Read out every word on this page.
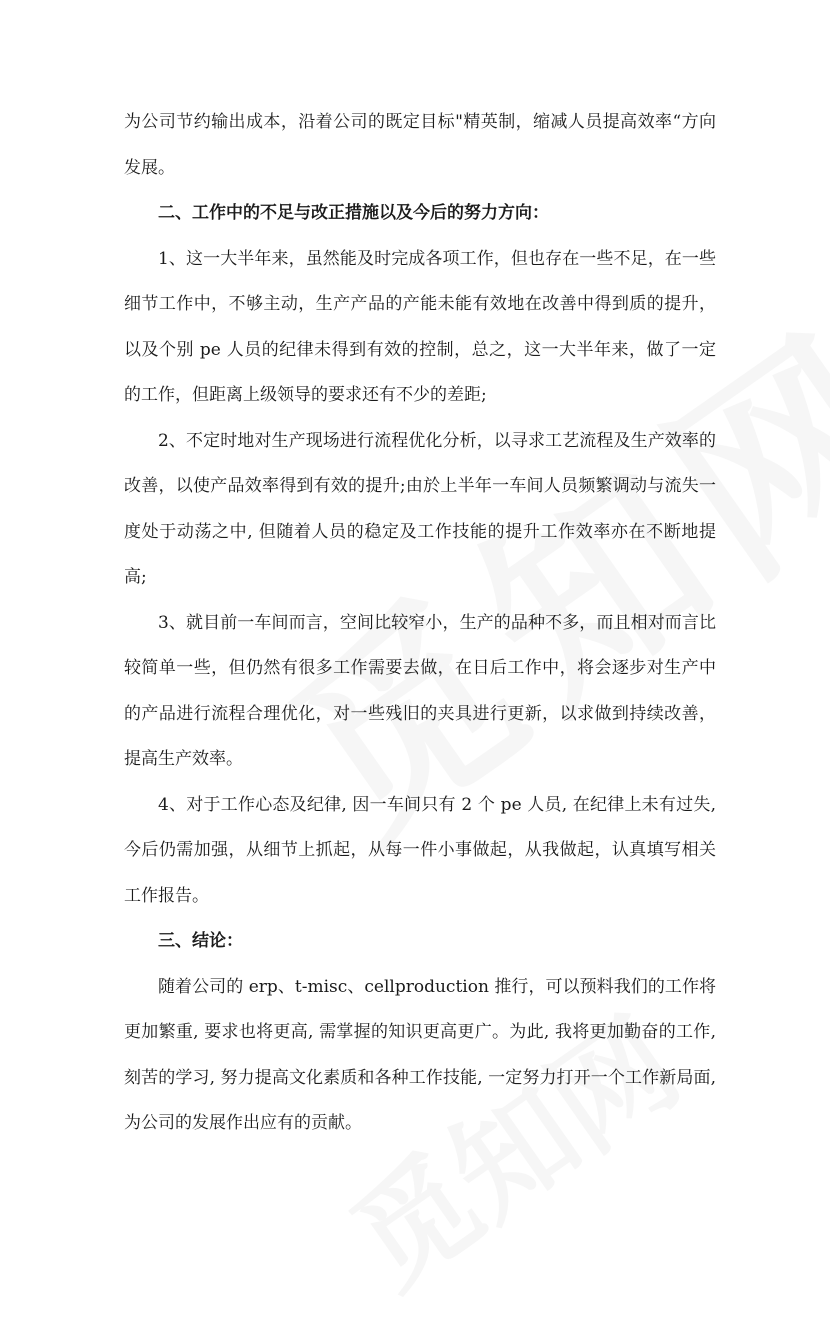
为公司节约输出成本，沿着公司的既定目标"精英制，缩减人员提高效率“方向发展。

二、工作中的不足与改正措施以及今后的努力方向：

1、这一大半年来，虽然能及时完成各项工作，但也存在一些不足，在一些细节工作中，不够主动，生产产品的产能未能有效地在改善中得到质的提升，以及个别 pe 人员的纪律未得到有效的控制，总之，这一大半年来，做了一定的工作，但距离上级领导的要求还有不少的差距;

2、不定时地对生产现场进行流程优化分析，以寻求工艺流程及生产效率的改善，以使产品效率得到有效的提升;由於上半年一车间人员频繁调动与流失一度处于动荡之中, 但随着人员的稳定及工作技能的提升工作效率亦在不断地提高;

3、就目前一车间而言，空间比较窄小，生产的品种不多，而且相对而言比较简单一些，但仍然有很多工作需要去做，在日后工作中，将会逐步对生产中的产品进行流程合理优化，对一些残旧的夹具进行更新，以求做到持续改善，提高生产效率。

4、对于工作心态及纪律, 因一车间只有 2 个 pe 人员, 在纪律上未有过失, 今后仍需加强，从细节上抓起，从每一件小事做起，从我做起，认真填写相关工作报告。

三、结论：

随着公司的 erp、t-misc、cellproduction 推行，可以预料我们的工作将更加繁重, 要求也将更高, 需掌握的知识更高更广。为此, 我将更加勤奋的工作, 刻苦的学习, 努力提高文化素质和各种工作技能, 一定努力打开一个工作新局面, 为公司的发展作出应有的贡献。
